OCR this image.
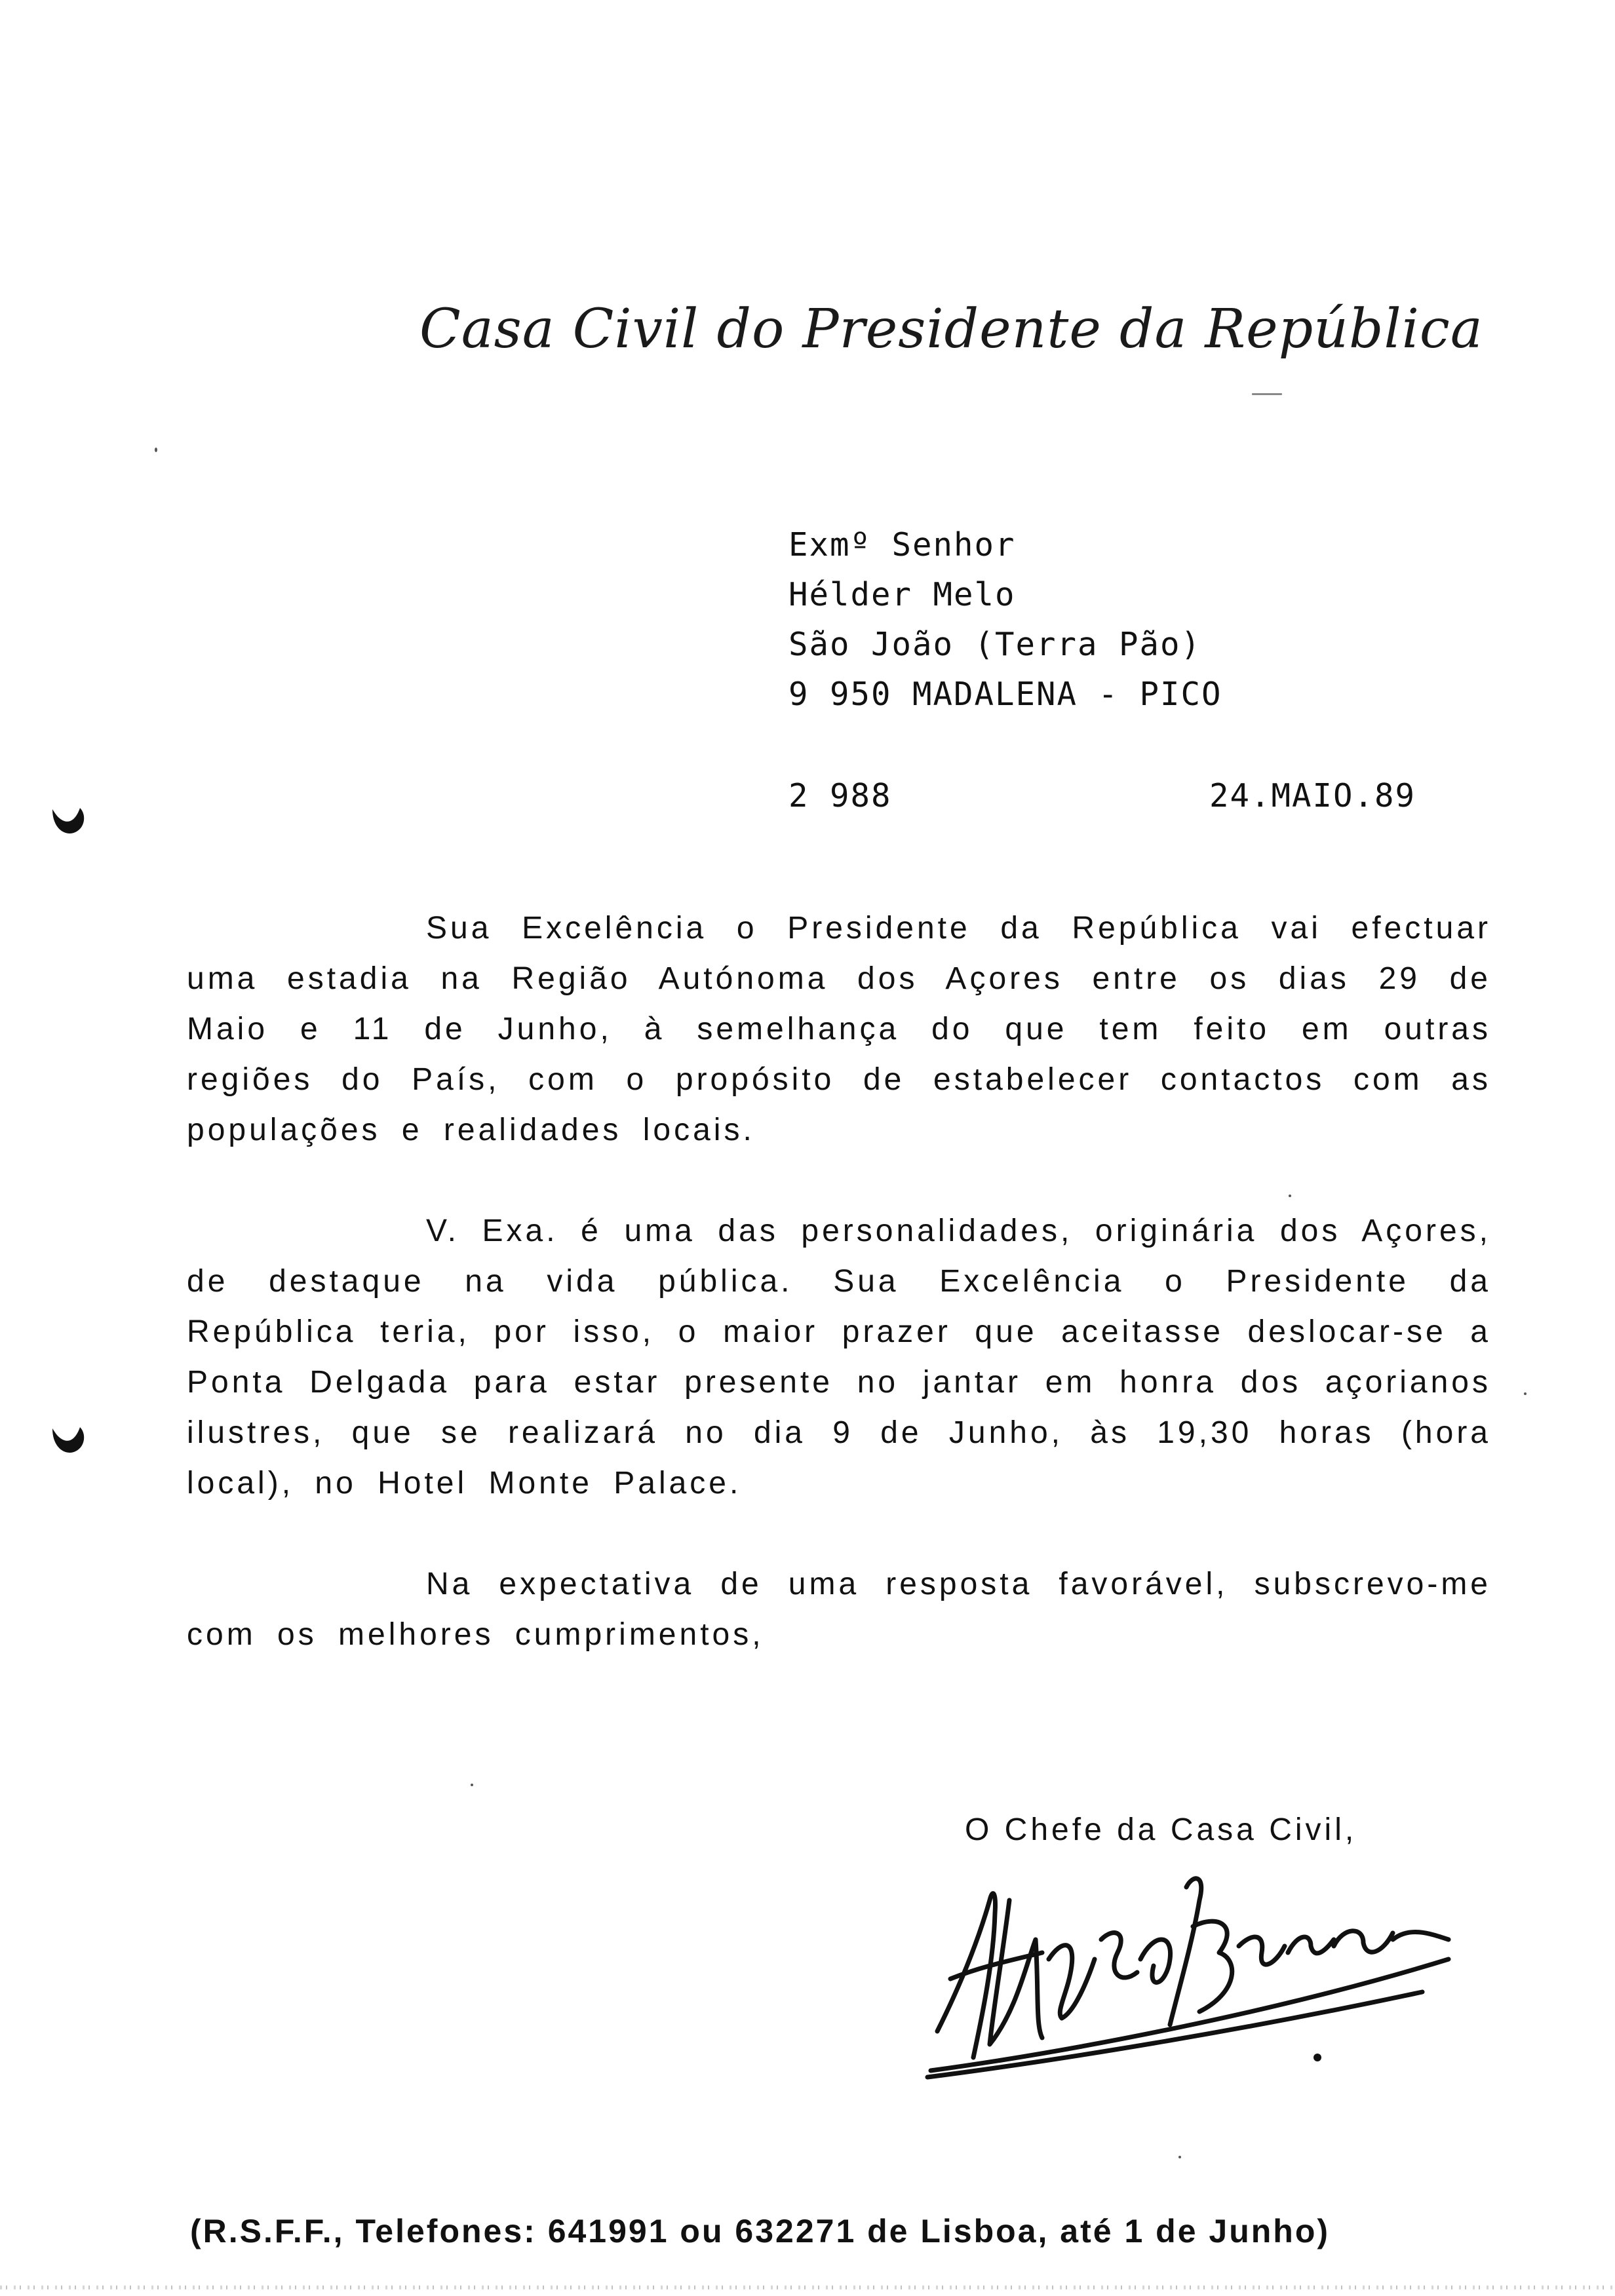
Casa Civil do Presidente da República
Exmº Senhor
Hélder Melo
São João (Terra Pão)
9 950 MADALENA - PICO
2 988	24.MAIO.89

Sua Excelência o Presidente da República vai efectuar uma estadia na Região Autónoma dos Açores entre os dias 29 de Maio e 11 de Junho, à semelhança do que tem feito em outras regiões do País, com o propósito de estabelecer contactos com as populações e realidades locais.

V. Exa. é uma das personalidades, originária dos Açores, de destaque na vida pública. Sua Excelência o Presidente da República teria, por isso, o maior prazer que aceitasse deslocar-se a Ponta Delgada para estar presente no jantar em honra dos açorianos ilustres, que se realizará no dia 9 de Junho, às 19,30 horas (hora local), no Hotel Monte Palace.

Na expectativa de uma resposta favorável, subscrevo-me com os melhores cumprimentos,

O Chefe da Casa Civil,
(R.S.F.F., Telefones: 641991 ou 632271 de Lisboa, até 1 de Junho)
